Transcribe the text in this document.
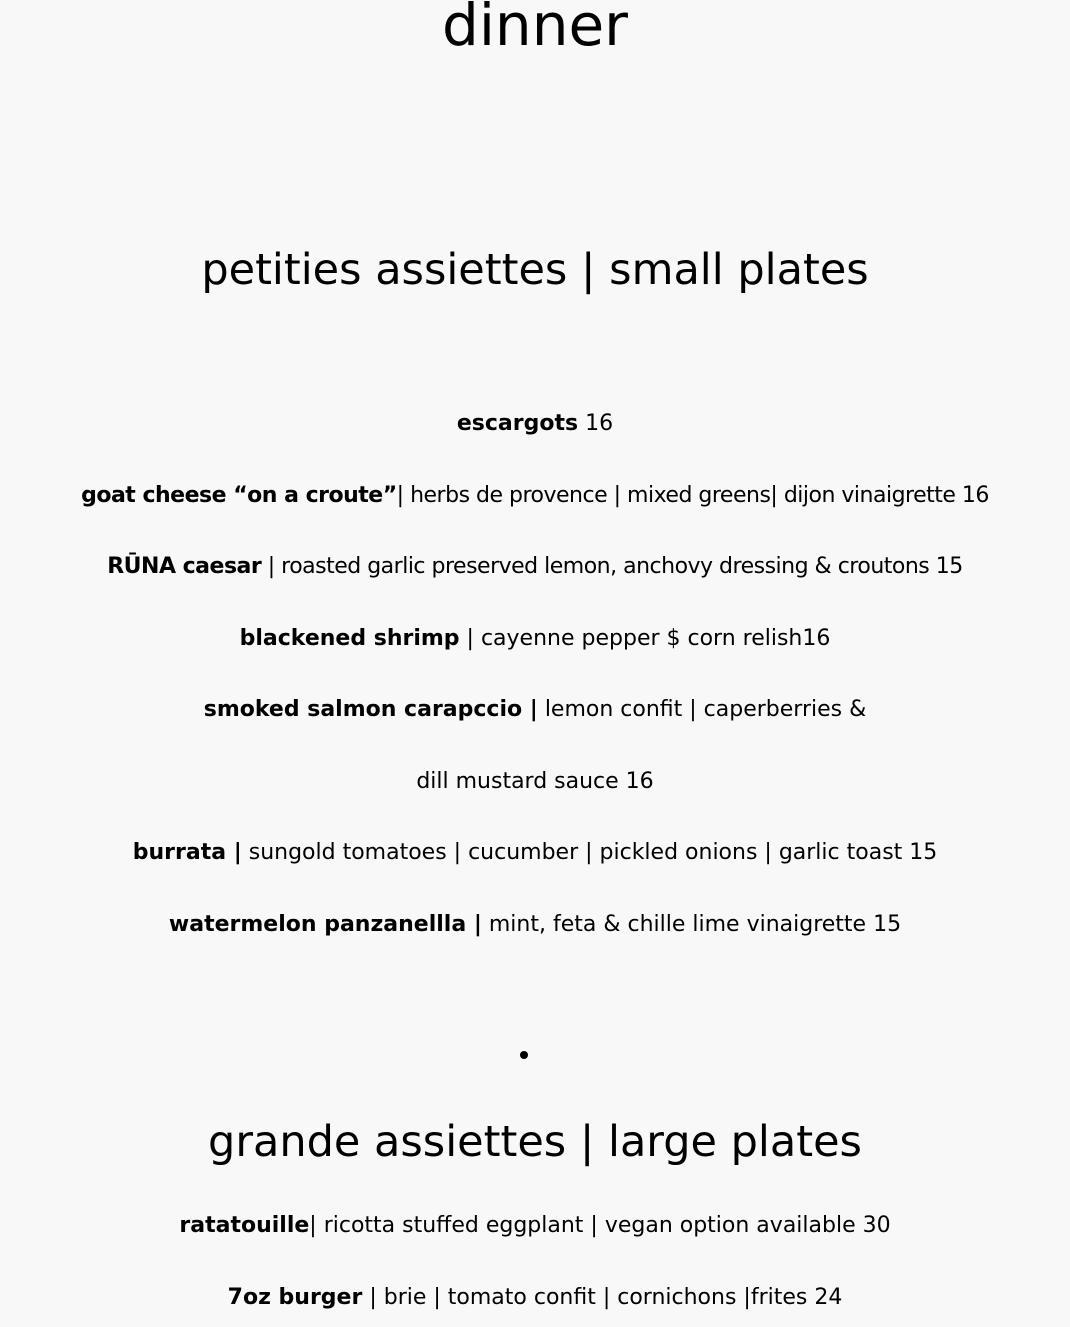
dinner
petities assiettes | small plates
escargots 16
goat cheese “on a croute”| herbs de provence | mixed greens| dijon vinaigrette 16
RŪNA caesar | roasted garlic preserved lemon, anchovy dressing & croutons 15
blackened shrimp | cayenne pepper $ corn relish16
smoked salmon carapccio | lemon confit | caperberries &
dill mustard sauce 16
burrata | sungold tomatoes | cucumber | pickled onions | garlic toast 15
watermelon panzanellla | mint, feta & chille lime vinaigrette 15
grande assiettes | large plates
ratatouille| ricotta stuffed eggplant | vegan option available 30
7oz burger | brie | tomato confit | cornichons |frites 24
